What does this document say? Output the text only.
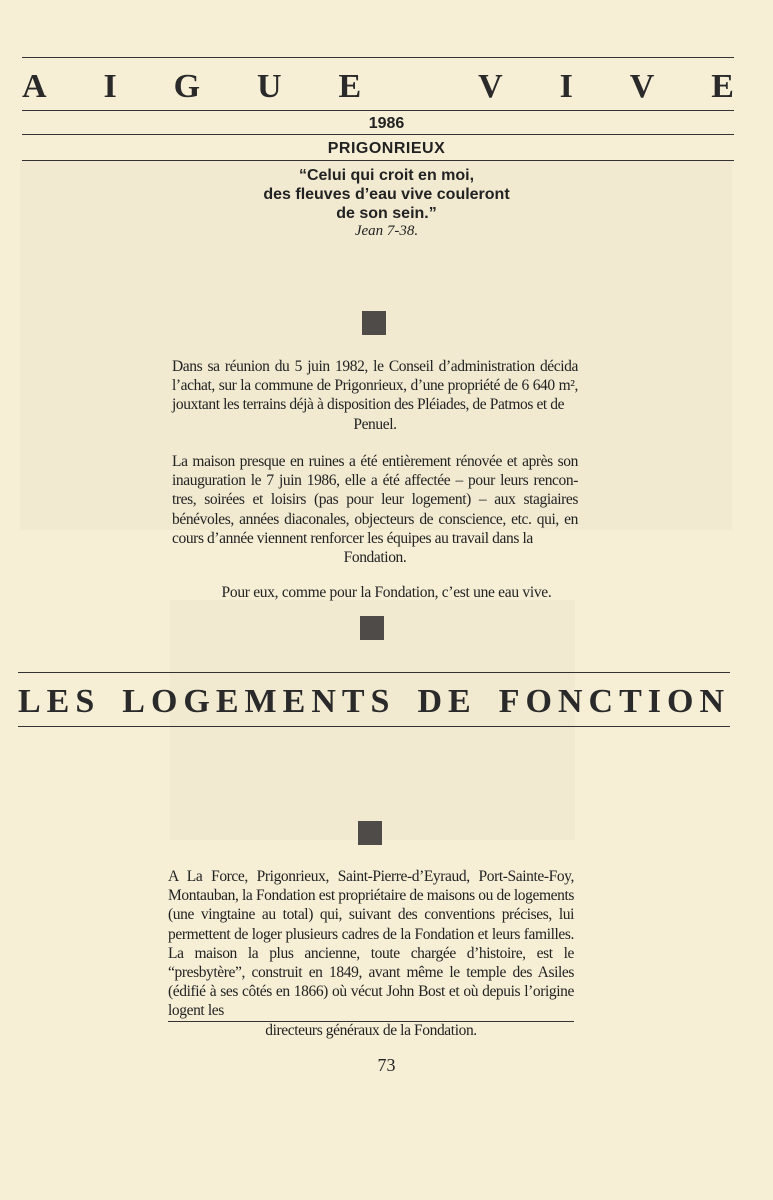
A I G U E	V I V E
1986
PRIGONRIEUX
“Celui qui croit en moi,
des fleuves d’eau vive couleront
de son sein.”
Jean 7-38.
Dans sa réunion du 5 juin 1982, le Conseil d’administration décida l’achat, sur la commune de Prigonrieux, d’une propriété de 6 640 m², jouxtant les terrains déjà à disposition des Pléiades, de Patmos et de
Penuel.
La maison presque en ruines a été entièrement rénovée et après son inauguration le 7 juin 1986, elle a été affectée – pour leurs rencon- tres, soirées et loisirs (pas pour leur logement) – aux stagiaires bénévoles, années diaconales, objecteurs de conscience, etc. qui, en cours d’année viennent renforcer les équipes au travail dans la
Fondation.
Pour eux, comme pour la Fondation, c’est une eau vive.
LES LOGEMENTS DE FONCTION
A La Force, Prigonrieux, Saint-Pierre-d’Eyraud, Port-Sainte-Foy, Montauban, la Fondation est propriétaire de maisons ou de logements (une vingtaine au total) qui, suivant des conventions précises, lui permettent de loger plusieurs cadres de la Fondation et leurs familles. La maison la plus ancienne, toute chargée d’histoire, est le “presbytère”, construit en 1849, avant même le temple des Asiles (édifié à ses côtés en 1866) où vécut John Bost et où depuis l’origine logent les
directeurs généraux de la Fondation.
73
